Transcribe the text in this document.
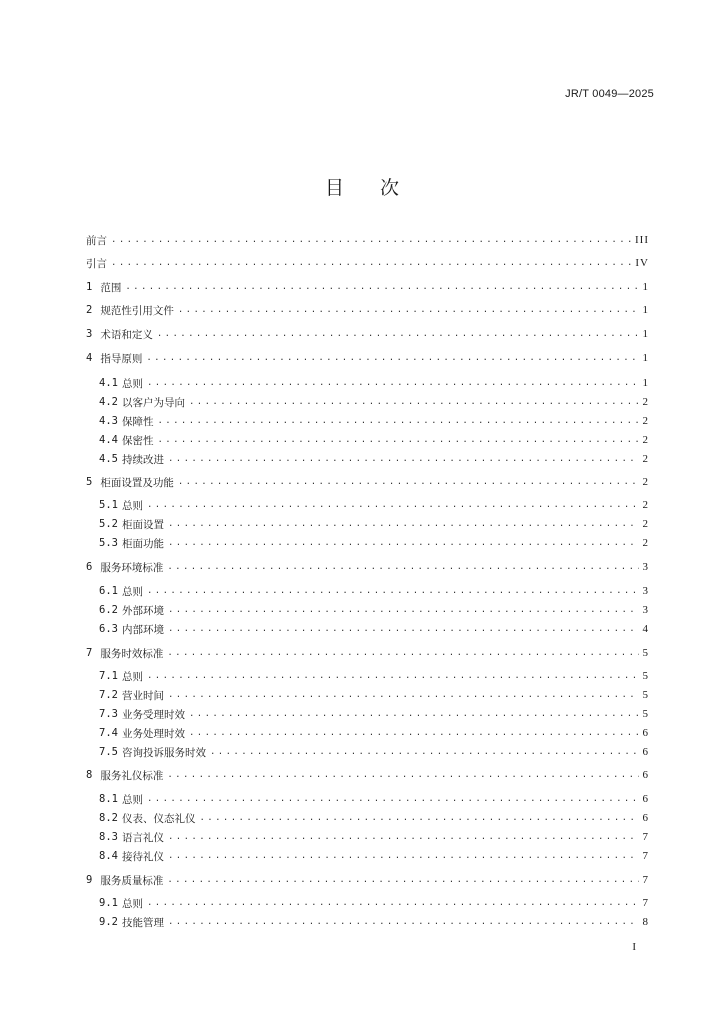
JR/T 0049—2025
目 次
前言 .....	III
引言 .....	IV
1 范围 .....	1
2 规范性引用文件 .....	1
3 术语和定义 .....	1
4 指导原则 .....	1
4.1 总则 .....	1
4.2 以客户为导向 .....	2
4.3 保障性 .....	2
4.4 保密性 .....	2
4.5 持续改进 .....	2
5 柜面设置及功能 .....	2
5.1 总则 .....	2
5.2 柜面设置 .....	2
5.3 柜面功能 .....	2
6 服务环境标准 .....	3
6.1 总则 .....	3
6.2 外部环境 .....	3
6.3 内部环境 .....	4
7 服务时效标准 .....	5
7.1 总则 .....	5
7.2 营业时间 .....	5
7.3 业务受理时效 .....	5
7.4 业务处理时效 .....	6
7.5 咨询投诉服务时效 .....	6
8 服务礼仪标准 .....	6
8.1 总则 .....	6
8.2 仪表、仪态礼仪 .....	6
8.3 语言礼仪 .....	7
8.4 接待礼仪 .....	7
9 服务质量标准 .....	7
9.1 总则 .....	7
9.2 技能管理 .....	8
I
